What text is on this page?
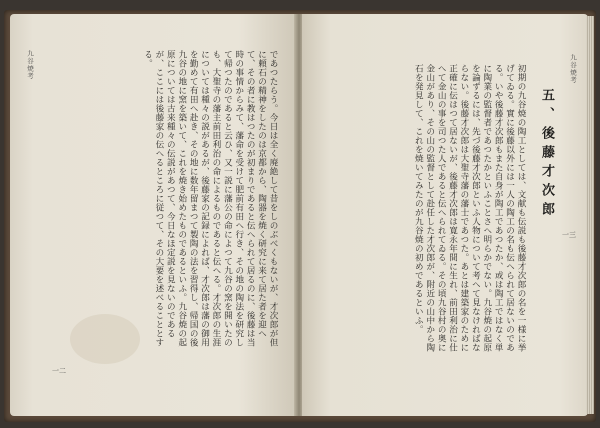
九谷焼考	であつたらう。今日は全く廃絶して昔をしのぶべくもないが、才次郎が但に頼石の精神をしたのは京都から、陶器を焼く研究に来て居た者を迎へて、その者に教はつたのが初まりであると伝へられて居るのに、後藤は当時の事情からみて、藩命を受けて肥前有田へ行き、その地の陶法を研究して帰つたのであると云ひ、又一説に藩公の命によつて九谷の窯を開いたのも、大聖寺の藩主前田利治の命によるものであると伝へる。才次郎の生涯については種々の説があるが、後藤家の記録によれば、才次郎は藩の御用を勤めて有田へ赴き、その地に数年留まつて製陶の法を習得し、帰国の後九谷の地に窯を築いて、これを焼き始めたものであるといふ。九谷焼の起原については古来種々の伝説があつて、今日なほ定説を見ないのであるが、ここには後藤家の伝へるところに従つて、その大要を述べることとする。
一二
九谷焼考
五、後藤才次郎
初期の九谷焼の陶工としては、文献も伝説も後藤才次郎の名を一様に挙げてゐる。實に後藤以外には一人の陶工の名も伝へられて居ないのである。いや後藤才次郎もまた自身が陶工であつたか、或は陶工ではなく単に陶業の監督者であつたかといふことさへ明らかでない。九谷焼の起原を論ずるには、先づ後藤才次郎といふ人物について考へて見なければならない。後藤才次郎は大聖寺藩の藩士であつた。あとは建築家のために正確に伝はつて居ないが、後藤才次郎は寛永年間に生れ、前田利治に仕へて金山の事を司つた人であると伝へられてゐる。その頃九谷村の奥に金山があり、その山の監督として赴任した才次郎が、附近の山中から陶石を発見して、これを焼いてみたのが九谷焼の初めであるといふ。	一三
